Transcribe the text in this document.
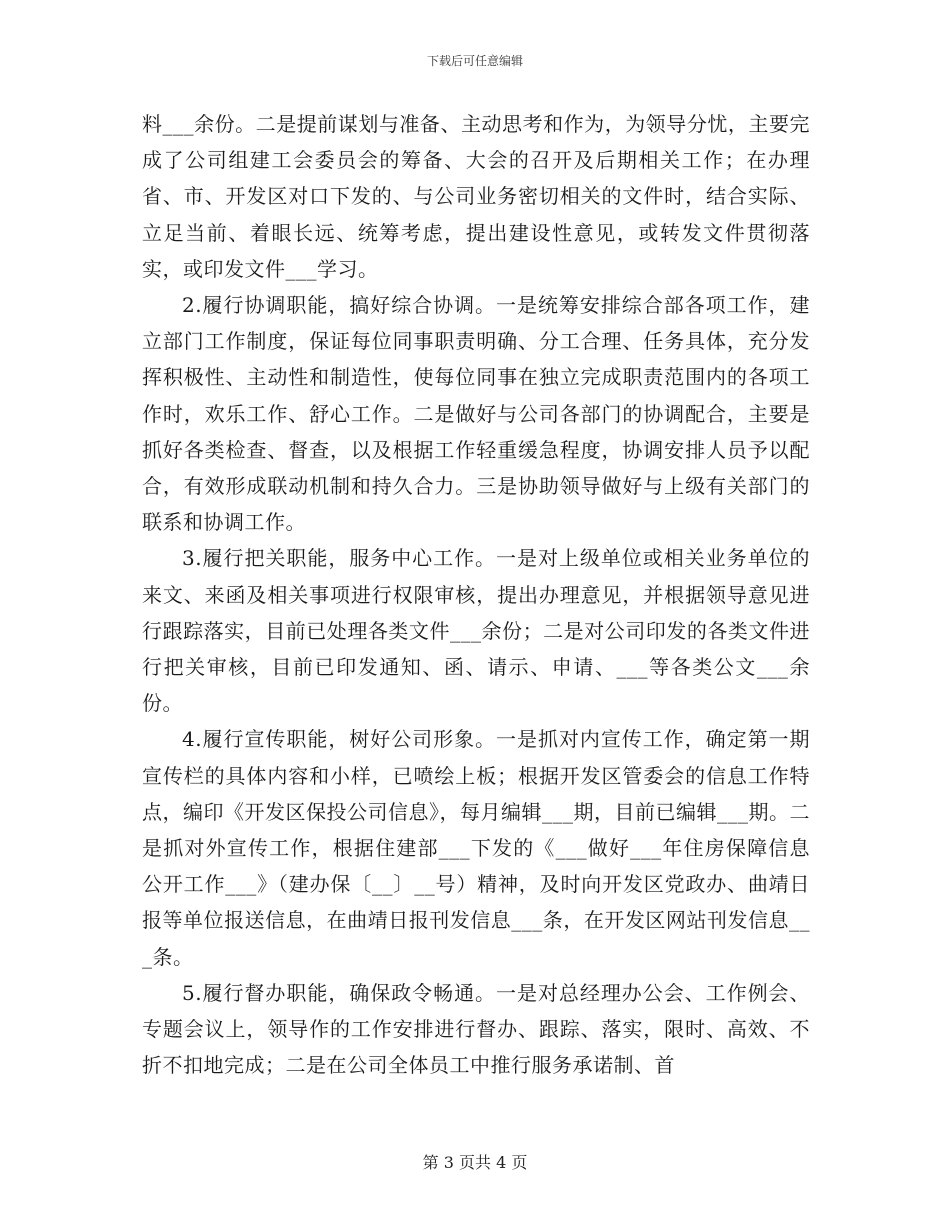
下载后可任意编辑

料___余份。二是提前谋划与准备、主动思考和作为，为领导分忧，主要完成了公司组建工会委员会的筹备、大会的召开及后期相关工作；在办理省、市、开发区对口下发的、与公司业务密切相关的文件时，结合实际、立足当前、着眼长远、统筹考虑，提出建设性意见，或转发文件贯彻落实，或印发文件___学习。

2.履行协调职能，搞好综合协调。一是统筹安排综合部各项工作，建立部门工作制度，保证每位同事职责明确、分工合理、任务具体，充分发挥积极性、主动性和制造性，使每位同事在独立完成职责范围内的各项工作时，欢乐工作、舒心工作。二是做好与公司各部门的协调配合，主要是抓好各类检查、督查，以及根据工作轻重缓急程度，协调安排人员予以配合，有效形成联动机制和持久合力。三是协助领导做好与上级有关部门的联系和协调工作。

3.履行把关职能，服务中心工作。一是对上级单位或相关业务单位的来文、来函及相关事项进行权限审核，提出办理意见，并根据领导意见进行跟踪落实，目前已处理各类文件___余份；二是对公司印发的各类文件进行把关审核，目前已印发通知、函、请示、申请、___等各类公文___余份。

4.履行宣传职能，树好公司形象。一是抓对内宣传工作，确定第一期宣传栏的具体内容和小样，已喷绘上板；根据开发区管委会的信息工作特点，编印《开发区保投公司信息》，每月编辑___期，目前已编辑___期。二是抓对外宣传工作，根据住建部___下发的《___做好___年住房保障信息公开工作___》（建办保〔__〕__号）精神，及时向开发区党政办、曲靖日报等单位报送信息，在曲靖日报刊发信息___条，在开发区网站刊发信息___条。

5.履行督办职能，确保政令畅通。一是对总经理办公会、工作例会、专题会议上，领导作的工作安排进行督办、跟踪、落实，限时、高效、不折不扣地完成；二是在公司全体员工中推行服务承诺制、首

第 3 页共 4 页
